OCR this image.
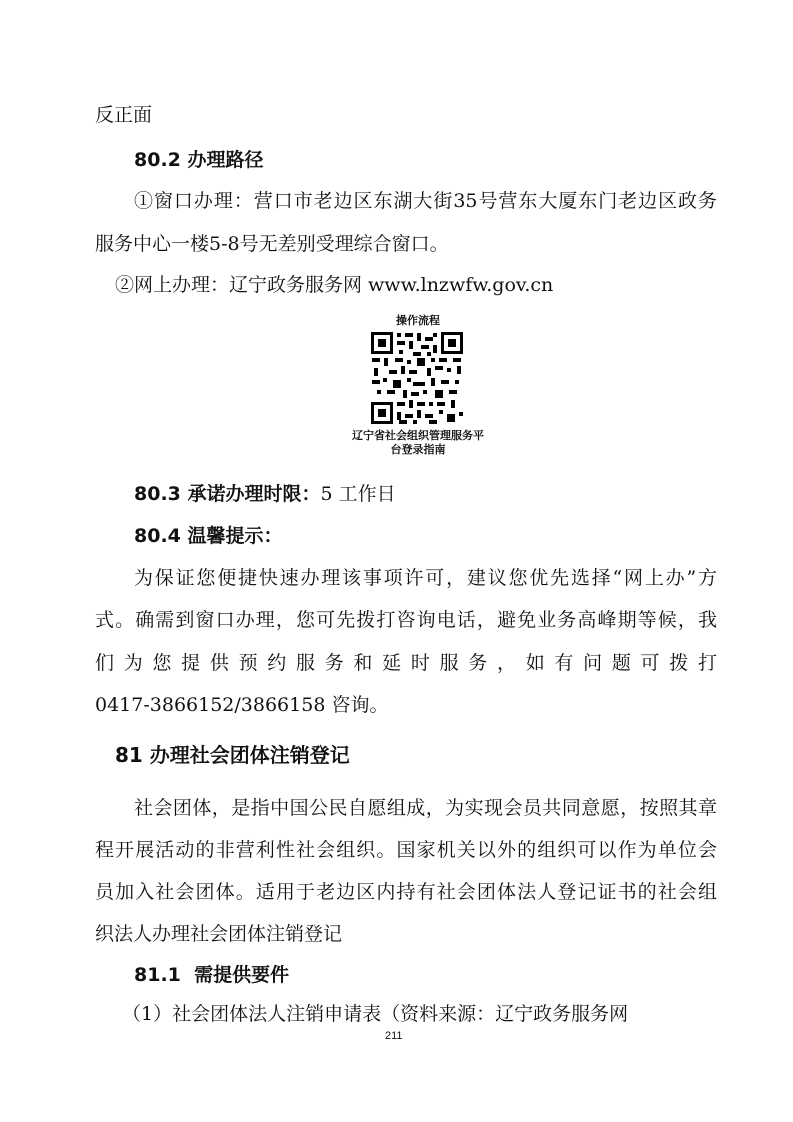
反正面
80.2 办理路径
①窗口办理：营口市老边区东湖大街35号营东大厦东门老边区政务
服务中心一楼5-8号无差别受理综合窗口。
②网上办理：辽宁政务服务网 www.lnzwfw.gov.cn
操作流程
辽宁省社会组织管理服务平
台登录指南
80.3 承诺办理时限：5 工作日
80.4 温馨提示：
为保证您便捷快速办理该事项许可，建议您优先选择“网上办”方
式。确需到窗口办理，您可先拨打咨询电话，避免业务高峰期等候，我
们为您提供预约服务和延时服务，如有问题可拨打
0417-3866152/3866158 咨询。
81 办理社会团体注销登记
社会团体，是指中国公民自愿组成，为实现会员共同意愿，按照其章
程开展活动的非营利性社会组织。国家机关以外的组织可以作为单位会
员加入社会团体。适用于老边区内持有社会团体法人登记证书的社会组
织法人办理社会团体注销登记
81.1  需提供要件
（1）社会团体法人注销申请表（资料来源：辽宁政务服务网
211
